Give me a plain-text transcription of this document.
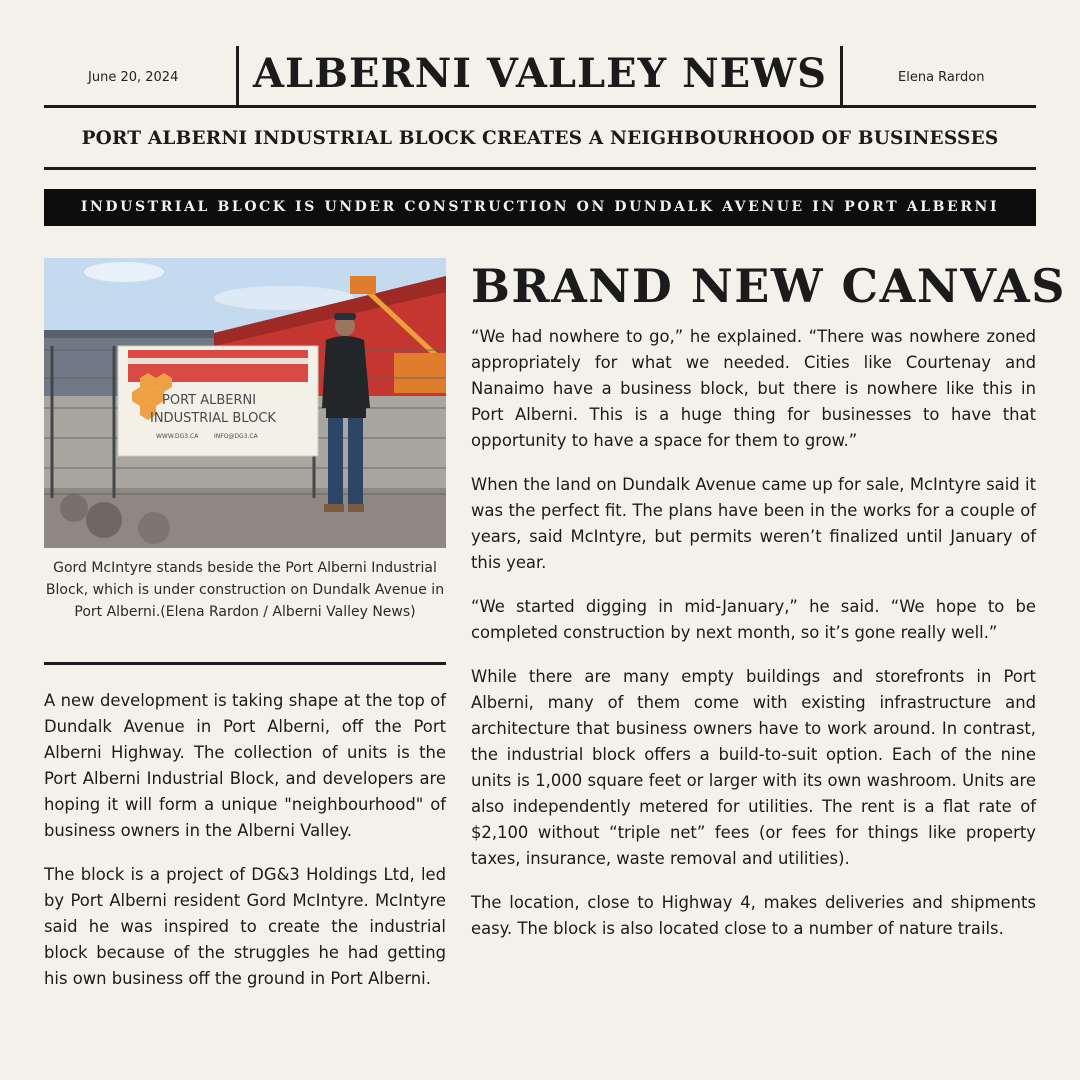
June 20, 2024 ALBERNI VALLEY NEWS	Elena Rardon
PORT ALBERNI INDUSTRIAL BLOCK CREATES A NEIGHBOURHOOD OF BUSINESSES
INDUSTRIAL BLOCK IS UNDER CONSTRUCTION ON DUNDALK AVENUE IN PORT ALBERNI
PORT ALBERNI
INDUSTRIAL BLOCK
WWW.DG3.CA	INFO@DG3.CA
Gord McIntyre stands beside the Port Alberni Industrial Block, which is under construction on Dundalk Avenue in Port Alberni.(Elena Rardon / Alberni Valley News)

A new development is taking shape at the top of Dundalk Avenue in Port Alberni, off the Port Alberni Highway. The collection of units is the Port Alberni Industrial Block, and developers are hoping it will form a unique "neighbourhood" of business owners in the Alberni Valley.

The block is a project of DG&3 Holdings Ltd, led by Port Alberni resident Gord McIntyre. McIntyre said he was inspired to create the industrial block because of the struggles he had getting his own business off the ground in Port Alberni.

BRAND NEW CANVAS

“We had nowhere to go,” he explained. “There was nowhere zoned appropriately for what we needed. Cities like Courtenay and Nanaimo have a business block, but there is nowhere like this in Port Alberni. This is a huge thing for businesses to have that opportunity to have a space for them to grow.”

When the land on Dundalk Avenue came up for sale, McIntyre said it was the perfect fit. The plans have been in the works for a couple of years, said McIntyre, but permits weren’t finalized until January of this year.

“We started digging in mid-January,” he said. “We hope to be completed construction by next month, so it’s gone really well.”

While there are many empty buildings and storefronts in Port Alberni, many of them come with existing infrastructure and architecture that business owners have to work around. In contrast, the industrial block offers a build-to-suit option. Each of the nine units is 1,000 square feet or larger with its own washroom. Units are also independently metered for utilities. The rent is a flat rate of $2,100 without “triple net” fees (or fees for things like property taxes, insurance, waste removal and utilities).

The location, close to Highway 4, makes deliveries and shipments easy. The block is also located close to a number of nature trails.
